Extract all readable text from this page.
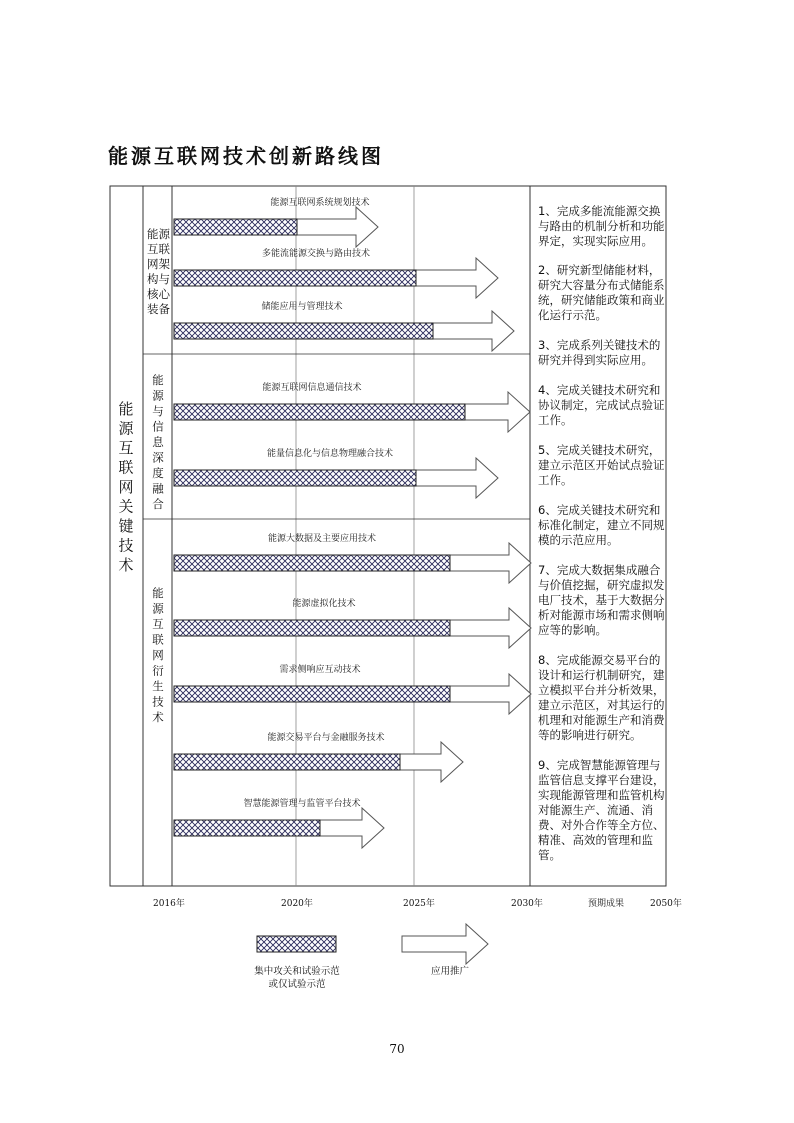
能源互联网技术创新路线图
能源互联网系统规划技术
多能流能源交换与路由技术
储能应用与管理技术
能源互联网信息通信技术
能量信息化与信息物理融合技术
能源大数据及主要应用技术
能源虚拟化技术
需求侧响应互动技术
能源交易平台与金融服务技术
智慧能源管理与监管平台技术
能
源
互
联
网
关
键
技
术
能源
互联
网架
构与
核心
装备
能
源
与
信
息
深
度
融
合
能
源
互
联
网
衍
生
技
术
1、完成多能流能源交换与路由的机制分析和功能界定，实现实际应用。
2、研究新型储能材料，研究大容量分布式储能系统，研究储能政策和商业化运行示范。
3、完成系列关键技术的研究并得到实际应用。
4、完成关键技术研究和协议制定，完成试点验证工作。
5、完成关键技术研究，建立示范区开始试点验证工作。
6、完成关键技术研究和标准化制定，建立不同规模的示范应用。
7、完成大数据集成融合与价值挖掘，研究虚拟发电厂技术，基于大数据分析对能源市场和需求侧响应等的影响。
8、完成能源交易平台的设计和运行机制研究，建立模拟平台并分析效果，建立示范区，对其运行的机理和对能源生产和消费等的影响进行研究。
9、完成智慧能源管理与监管信息支撑平台建设，实现能源管理和监管机构对能源生产、流通、消费、对外合作等全方位、精准、高效的管理和监管。
2016年	2020年	2025年	2030年	预期成果	2050年
集中攻关和试验示范
或仅试验示范
应用推广
70
